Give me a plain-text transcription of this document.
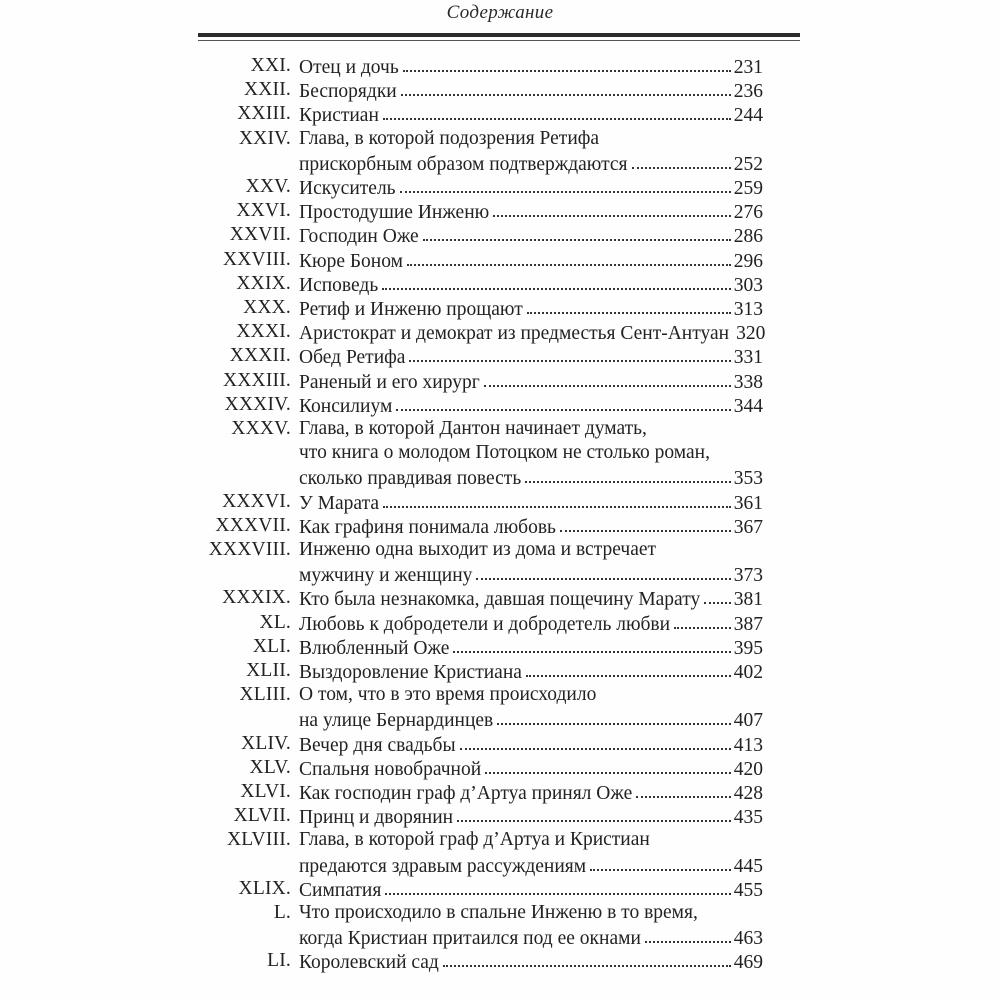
Содержание
XXI. Отец и дочь	231
XXII. Беспорядки	236
XXIII. Кристиан	244
XXIV. Глава, в которой подозрения Ретифа
прискорбным образом подтверждаются	252
XXV. Искуситель	259
XXVI. Простодушие Инженю	276
XXVII. Господин Оже	286
XXVIII. Кюре Боном	296
XXIX. Исповедь	303
XXX. Ретиф и Инженю прощают	313
XXXI. Аристократ и демократ из предместья Сент-Антуан 320
XXXII. Обед Ретифа	331
XXXIII. Раненый и его хирург	338
XXXIV. Консилиум	344
XXXV. Глава, в которой Дантон начинает думать,
что книга о молодом Потоцком не столько роман,
сколько правдивая повесть	353
XXXVI. У Марата	361
XXXVII. Как графиня понимала любовь	367
XXXVIII. Инженю одна выходит из дома и встречает
мужчину и женщину	373
XXXIX. Кто была незнакомка, давшая пощечину Марату 381
XL. Любовь к добродетели и добродетель любви	387
XLI. Влюбленный Оже	395
XLII. Выздоровление Кристиана	402
XLIII. О том, что в это время происходило
на улице Бернардинцев	407
XLIV. Вечер дня свадьбы	413
XLV. Спальня новобрачной	420
XLVI. Как господин граф д’Артуа принял Оже	428
XLVII. Принц и дворянин	435
XLVIII. Глава, в которой граф д’Артуа и Кристиан
предаются здравым рассуждениям	445
XLIX. Симпатия	455
L. Что происходило в спальне Инженю в то время,
когда Кристиан притаился под ее окнами	463
LI. Королевский сад	469
